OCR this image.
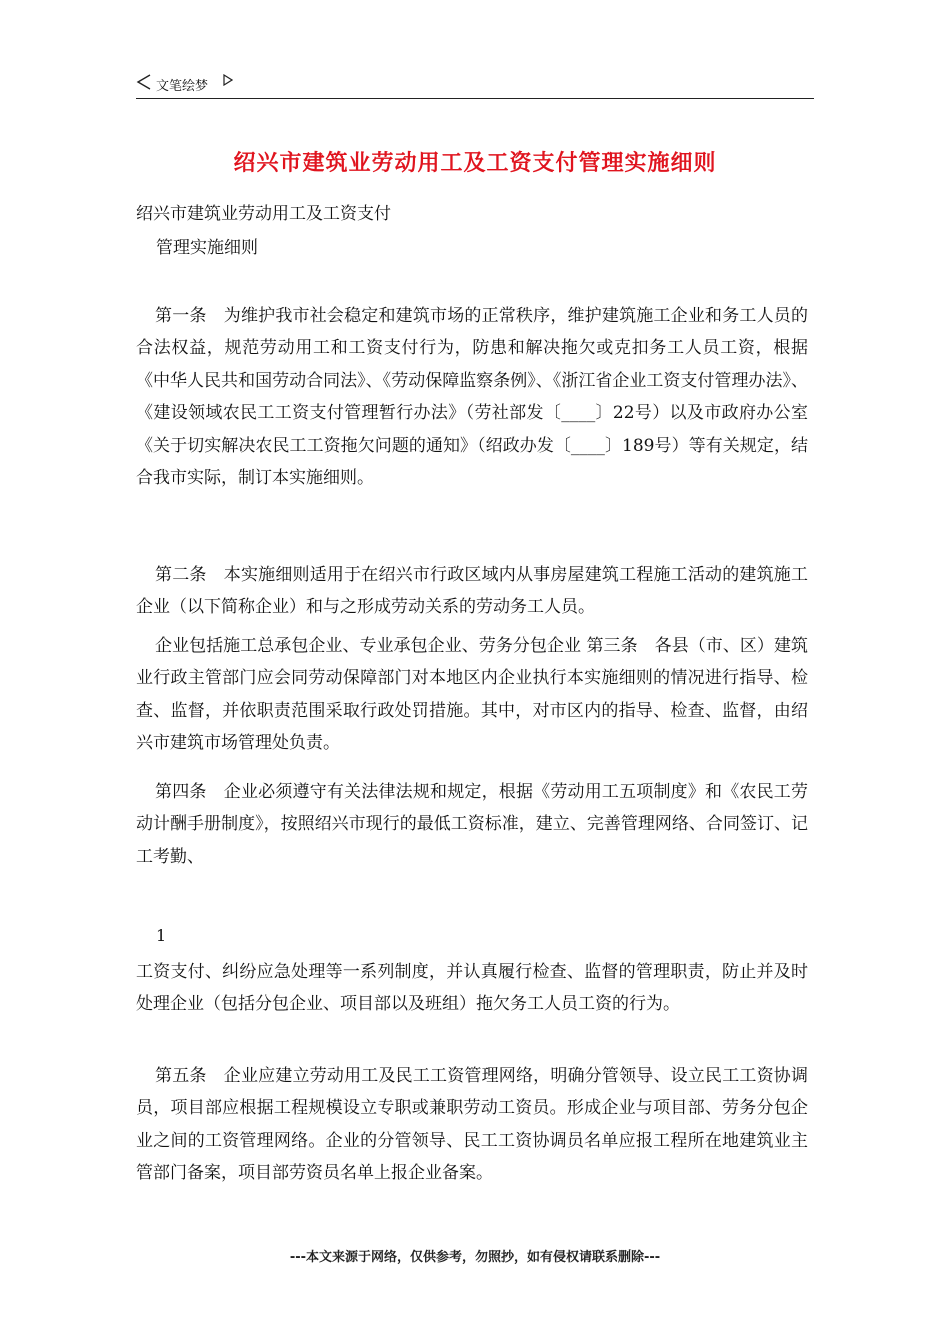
文笔绘梦
绍兴市建筑业劳动用工及工资支付管理实施细则
绍兴市建筑业劳动用工及工资支付
管理实施细则
第一条　为维护我市社会稳定和建筑市场的正常秩序，维护建筑施工企业和务工人员的合法权益，规范劳动用工和工资支付行为，防患和解决拖欠或克扣务工人员工资，根据《中华人民共和国劳动合同法》、《劳动保障监察条例》、《浙江省企业工资支付管理办法》、《建设领域农民工工资支付管理暂行办法》（劳社部发〔____〕22号）以及市政府办公室《关于切实解决农民工工资拖欠问题的通知》（绍政办发〔____〕189号）等有关规定，结合我市实际，制订本实施细则。
第二条　本实施细则适用于在绍兴市行政区域内从事房屋建筑工程施工活动的建筑施工企业（以下简称企业）和与之形成劳动关系的劳动务工人员。
企业包括施工总承包企业、专业承包企业、劳务分包企业 第三条　各县（市、区）建筑业行政主管部门应会同劳动保障部门对本地区内企业执行本实施细则的情况进行指导、检查、监督，并依职责范围采取行政处罚措施。其中，对市区内的指导、检查、监督，由绍兴市建筑市场管理处负责。
第四条　企业必须遵守有关法律法规和规定，根据《劳动用工五项制度》和《农民工劳动计酬手册制度》，按照绍兴市现行的最低工资标准，建立、完善管理网络、合同签订、记工考勤、
1
工资支付、纠纷应急处理等一系列制度，并认真履行检查、监督的管理职责，防止并及时处理企业（包括分包企业、项目部以及班组）拖欠务工人员工资的行为。
第五条　企业应建立劳动用工及民工工资管理网络，明确分管领导、设立民工工资协调员，项目部应根据工程规模设立专职或兼职劳动工资员。形成企业与项目部、劳务分包企业之间的工资管理网络。企业的分管领导、民工工资协调员名单应报工程所在地建筑业主管部门备案，项目部劳资员名单上报企业备案。
---本文来源于网络，仅供参考，勿照抄，如有侵权请联系删除---
